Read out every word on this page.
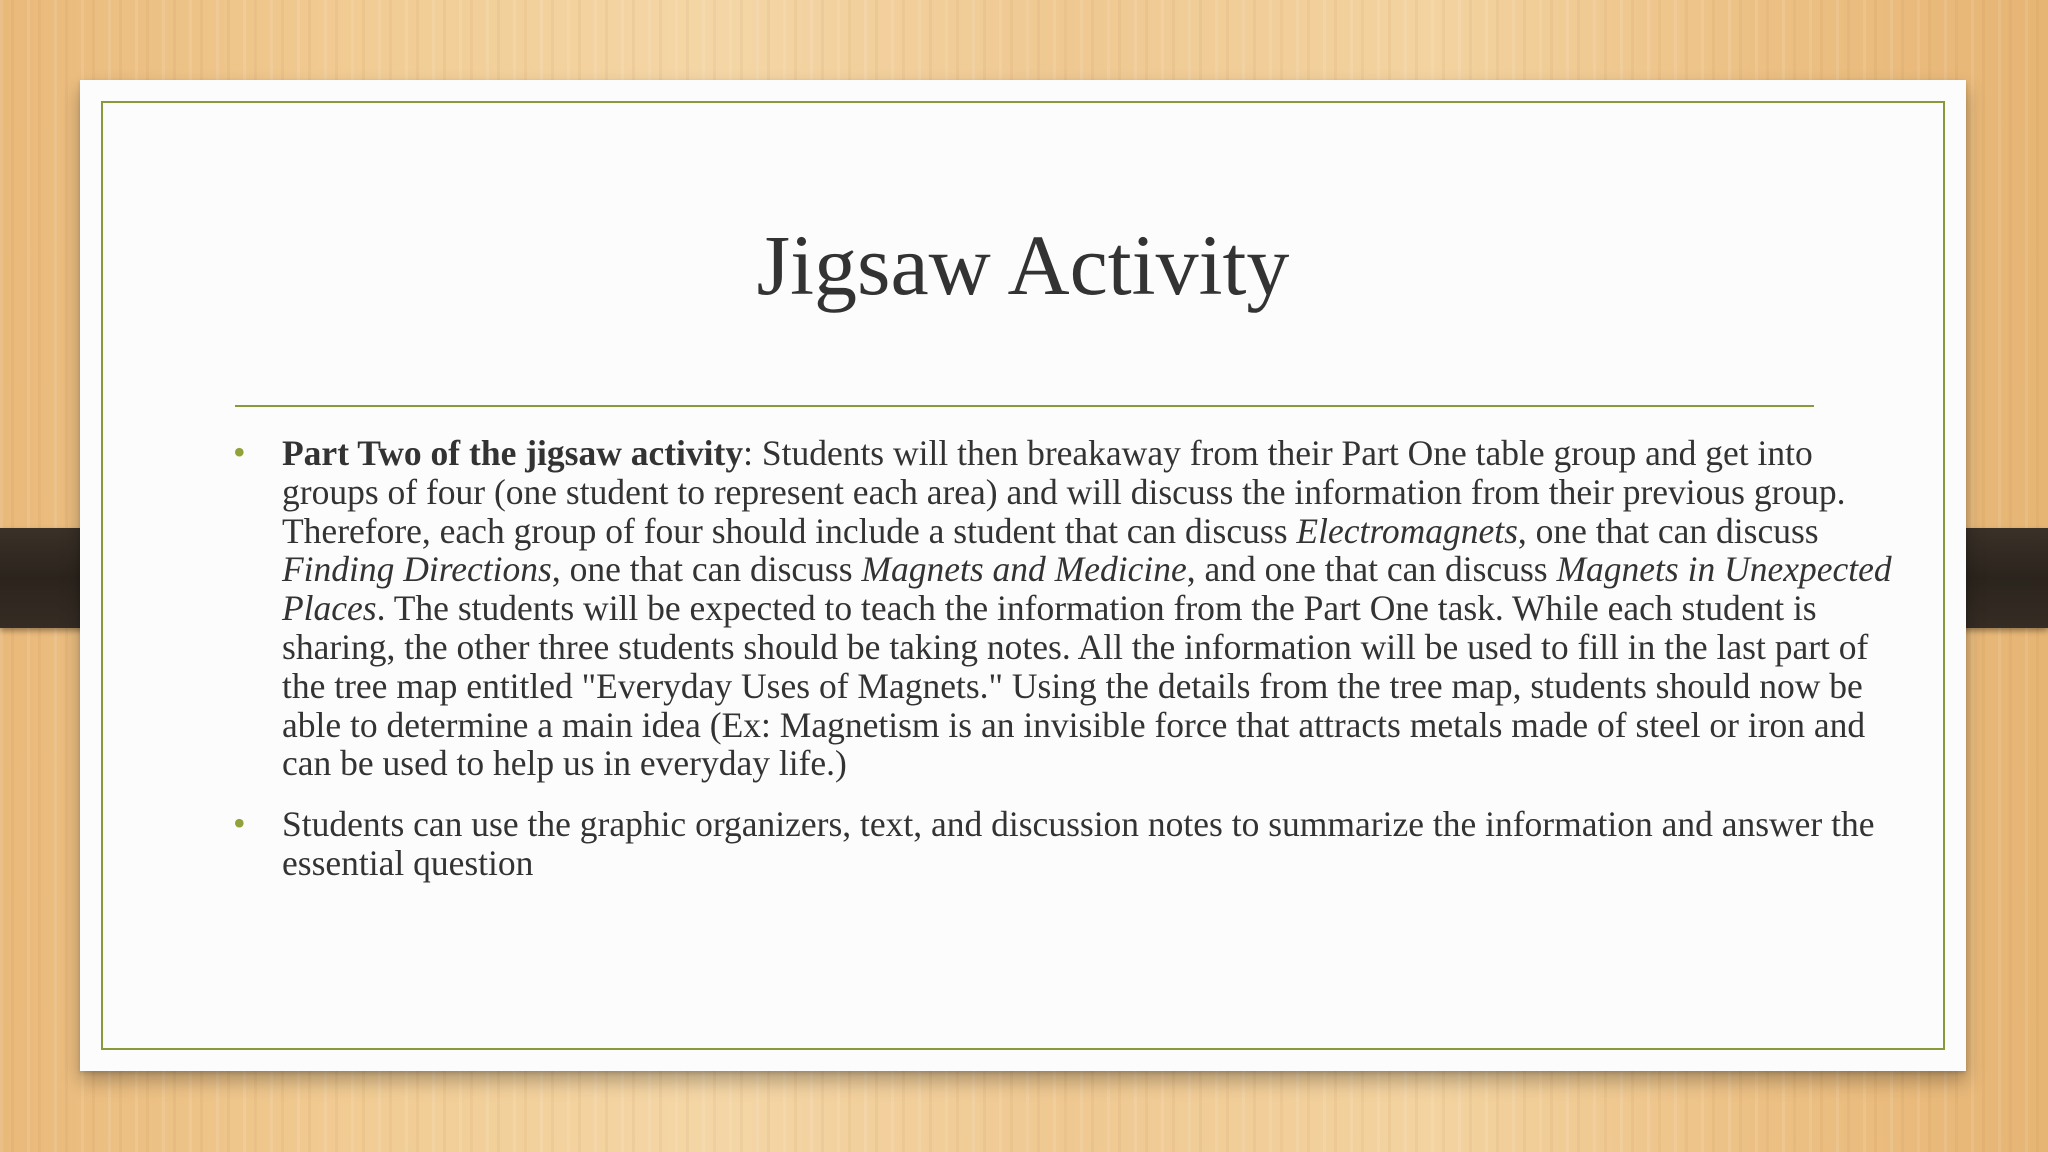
Jigsaw Activity
• Part Two of the jigsaw activity: Students will then breakaway from their Part One table group and get into groups of four (one student to represent each area) and will discuss the information from their previous group. Therefore, each group of four should include a student that can discuss Electromagnets, one that can discuss Finding Directions, one that can discuss Magnets and Medicine, and one that can discuss Magnets in Unexpected Places. The students will be expected to teach the information from the Part One task. While each student is sharing, the other three students should be taking notes. All the information will be used to fill in the last part of the tree map entitled "Everyday Uses of Magnets." Using the details from the tree map, students should now be able to determine a main idea (Ex: Magnetism is an invisible force that attracts metals made of steel or iron and can be used to help us in everyday life.)
• Students can use the graphic organizers, text, and discussion notes to summarize the information and answer the essential question
